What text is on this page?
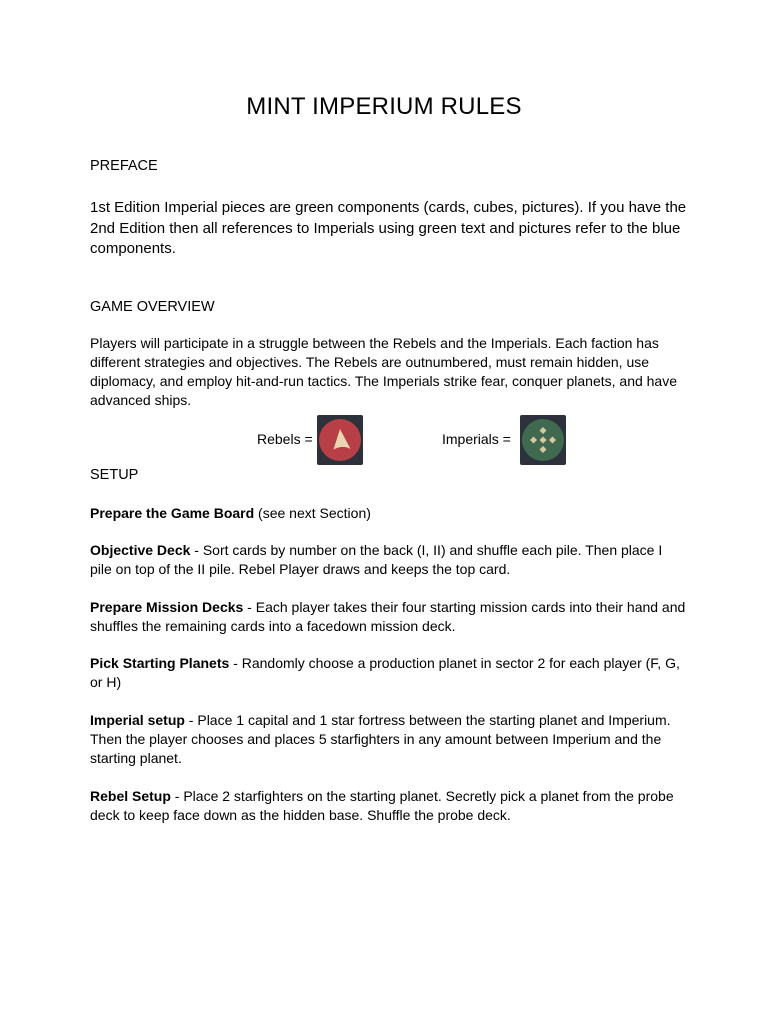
MINT IMPERIUM RULES
PREFACE
1st Edition Imperial pieces are green components (cards, cubes, pictures). If you have the 2nd Edition then all references to Imperials using green text and pictures refer to the blue components.
GAME OVERVIEW
Players will participate in a struggle between the Rebels and the Imperials. Each faction has different strategies and objectives. The Rebels are outnumbered, must remain hidden, use diplomacy, and employ hit-and-run tactics. The Imperials strike fear, conquer planets, and have advanced ships.
Rebels =	Imperials =
SETUP
Prepare the Game Board (see next Section)
Objective Deck - Sort cards by number on the back (I, II) and shuffle each pile. Then place I pile on top of the II pile. Rebel Player draws and keeps the top card.
Prepare Mission Decks - Each player takes their four starting mission cards into their hand and shuffles the remaining cards into a facedown mission deck.
Pick Starting Planets - Randomly choose a production planet in sector 2 for each player (F, G, or H)
Imperial setup - Place 1 capital and 1 star fortress between the starting planet and Imperium. Then the player chooses and places 5 starfighters in any amount between Imperium and the starting planet.
Rebel Setup - Place 2 starfighters on the starting planet. Secretly pick a planet from the probe deck to keep face down as the hidden base. Shuffle the probe deck.
